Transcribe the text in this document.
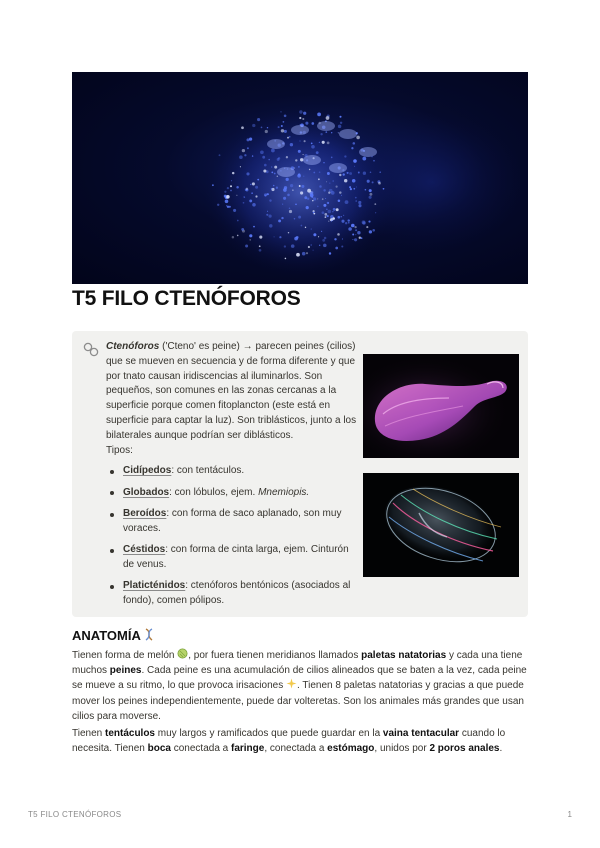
T5 FILO CTENÓFOROS

Ctenóforos ('Cteno' es peine) → parecen peines (cilios) que se mueven en secuencia y de forma diferente y que por tnato causan iridiscencias al iluminarlos. Son pequeños, son comunes en las zonas cercanas a la superficie porque comen fitoplancton (este está en superficie para captar la luz). Son triblásticos, junto a los bilaterales aunque podrían ser diblásticos.

Tipos:

Cidípedos: con tentáculos.
Globados: con lóbulos, ejem. Mnemiopis.
Beroídos: con forma de saco aplanado, son muy voraces.
Céstidos: con forma de cinta larga, ejem. Cinturón de venus.
Platicténidos: ctenóforos bentónicos (asociados al fondo), comen pólipos.
ANATOMÍA

Tienen forma de melón , por fuera tienen meridianos llamados paletas natatorias y cada una tiene muchos peines. Cada peine es una acumulación de cilios alineados que se baten a la vez, cada peine se mueve a su ritmo, lo que provoca irisaciones . Tienen 8 paletas natatorias y gracias a que puede mover los peines independientemente, puede dar volteretas. Son los animales más grandes que usan cilios para moverse.

Tienen tentáculos muy largos y ramificados que puede guardar en la vaina tentacular cuando lo necesita. Tienen boca conectada a faringe, conectada a estómago, unidos por 2 poros anales.

T5 FILO CTENÓFOROS	1
